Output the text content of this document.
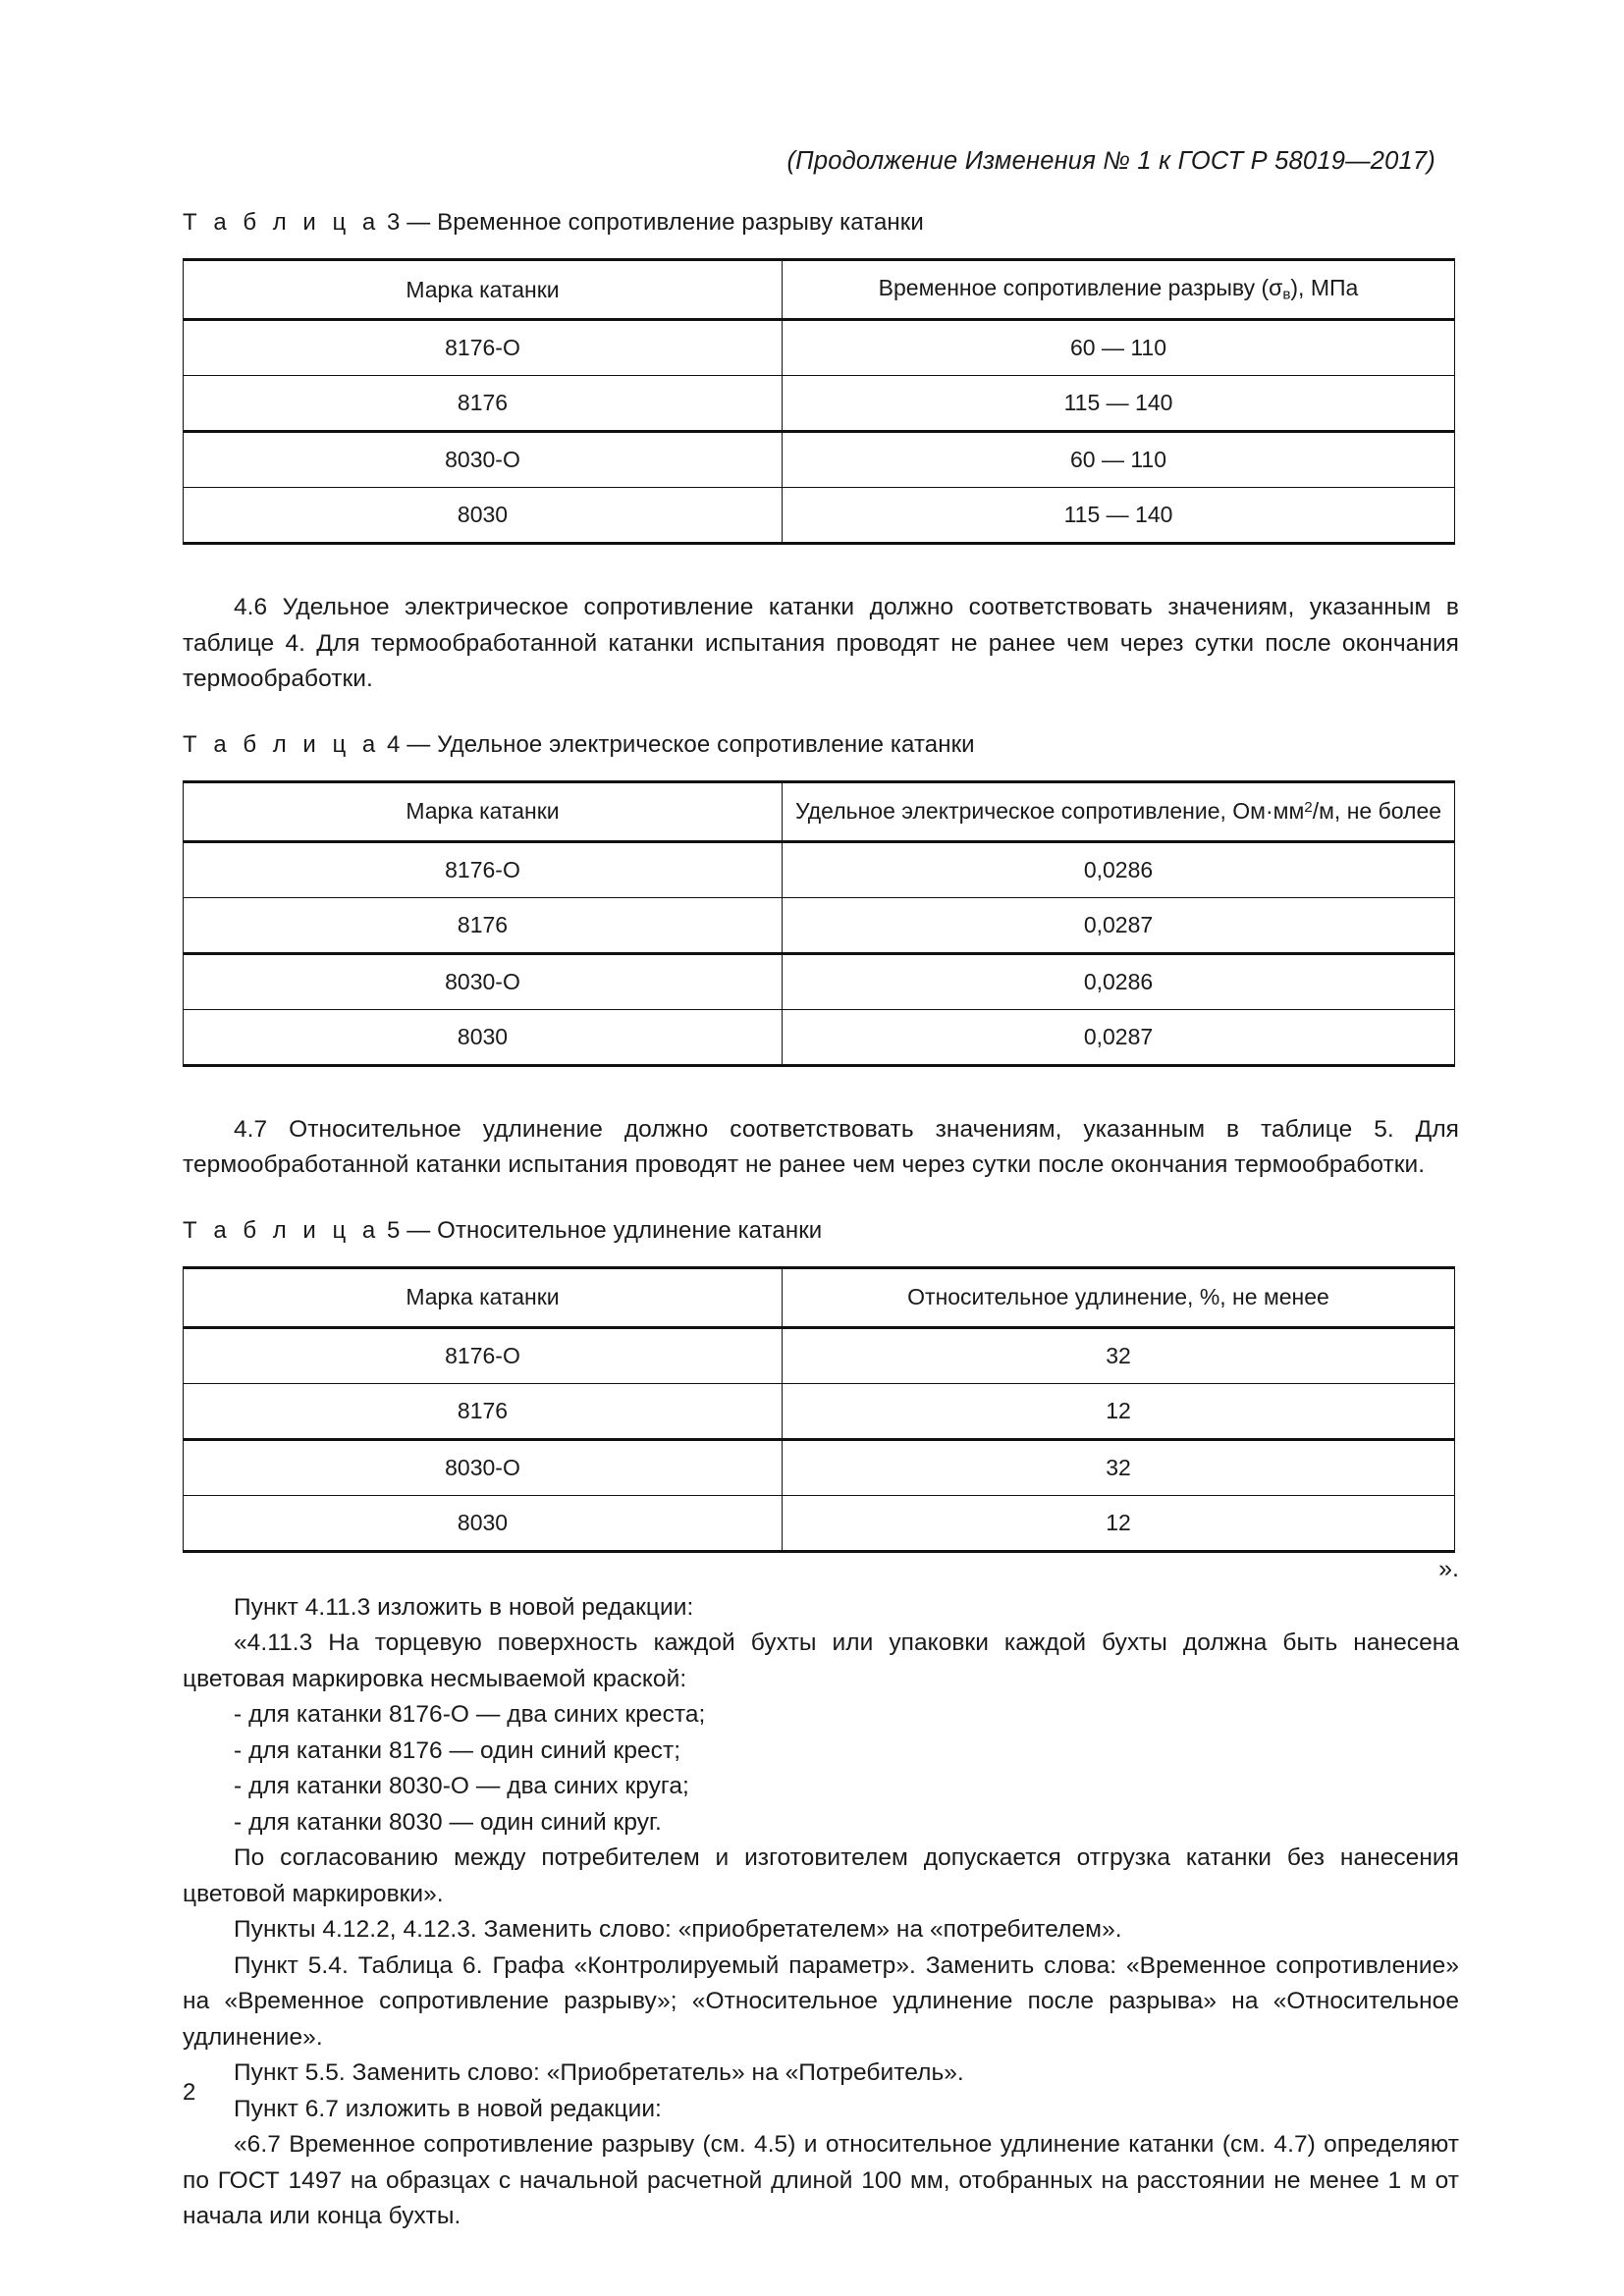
(Продолжение Изменения № 1 к ГОСТ Р 58019—2017)
Т а б л и ц а 3 — Временное сопротивление разрыву катанки
Марка катанки	Временное сопротивление разрыву $(\sigma_в)$, МПа
8176-О	60 — 110
8176	115 — 140
8030-О	60 — 110
8030	115 — 140

4.6 Удельное электрическое сопротивление катанки должно соответствовать значениям, указанным в таблице 4. Для термообработанной катанки испытания проводят не ранее чем через сутки после окончания термообработки.

Т а б л и ц а 4 — Удельное электрическое сопротивление катанки
Марка катанки	Удельное электрическое сопротивление, $Ом\cdot мм^2/м$, не более
8176-О	0,0286
8176	0,0287
8030-О	0,0286
8030	0,0287

4.7 Относительное удлинение должно соответствовать значениям, указанным в таблице 5. Для термообработанной катанки испытания проводят не ранее чем через сутки после окончания термообработки.

Т а б л и ц а 5 — Относительное удлинение катанки
Марка катанки	Относительное удлинение, %, не менее
8176-О	32
8176	12
8030-О	32
8030	12
».

Пункт 4.11.3 изложить в новой редакции:

«4.11.3 На торцевую поверхность каждой бухты или упаковки каждой бухты должна быть нанесена цветовая маркировка несмываемой краской:

- для катанки 8176-О — два синих креста;

- для катанки 8176 — один синий крест;

- для катанки 8030-О — два синих круга;

- для катанки 8030 — один синий круг.

По согласованию между потребителем и изготовителем допускается отгрузка катанки без нанесения цветовой маркировки».

Пункты 4.12.2, 4.12.3. Заменить слово: «приобретателем» на «потребителем».

Пункт 5.4. Таблица 6. Графа «Контролируемый параметр». Заменить слова: «Временное сопротивление» на «Временное сопротивление разрыву»; «Относительное удлинение после разрыва» на «Относительное удлинение».

Пункт 5.5. Заменить слово: «Приобретатель» на «Потребитель».

Пункт 6.7 изложить в новой редакции:

«6.7 Временное сопротивление разрыву (см. 4.5) и относительное удлинение катанки (см. 4.7) определяют по ГОСТ 1497 на образцах с начальной расчетной длиной 100 мм, отобранных на расстоянии не менее 1 м от начала или конца бухты.

2
